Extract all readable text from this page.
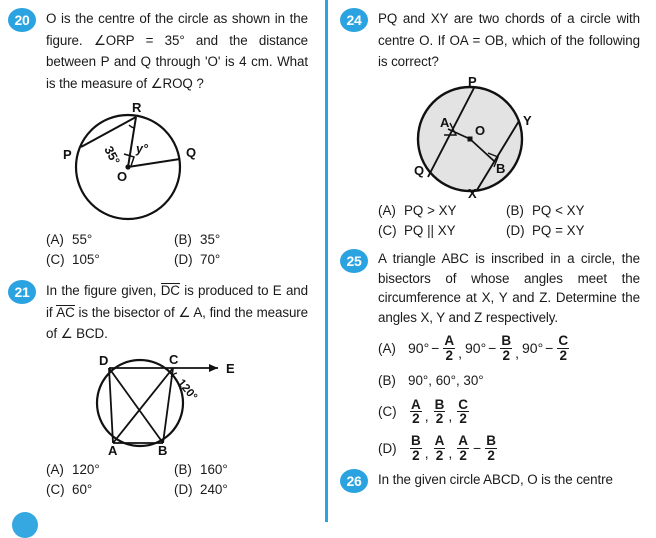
20	O is the centre of the circle as shown in the figure. ∠ORP = 35° and the distance between P and Q through 'O' is 4 cm. What is the measure of ∠ROQ ?
R
P	Q
O
35° y°
(A) 55°	(B) 35°
(C) 105°	(D) 70°
21	In the figure given, DC is produced to E and if AC is the bisector of ∠ A, find the measure of ∠ BCD.
D	C
E
A	B
120°
(A) 120°	(B) 160°
(C) 60°	(D) 240°
24	PQ and XY are two chords of a circle with centre O. If OA = OB, which of the following is correct?
P
A
Q
X
Y
B
O
(A) PQ > XY	(B) PQ < XY
(C) PQ || XY	(D) PQ = XY
25	A triangle ABC is inscribed in a circle, the bisectors of whose angles meet the circumference at X, Y and Z. Determine the angles X, Y and Z respectively.
(A) $90^\circ - \frac{A}{2}$ , $90^\circ - \frac{B}{2}$ , $90^\circ - \frac{C}{2}$
(B) 90°, 60°, 30°
$(C) \frac{A}{2}$ , $\frac{B}{2}$ , $\frac{C}{2}$
$(D) \frac{B}{2}$ , $\frac{A}{2}$ , $\frac{A}{2} - \frac{B}{2}$
26	In the given circle ABCD, O is the centre
